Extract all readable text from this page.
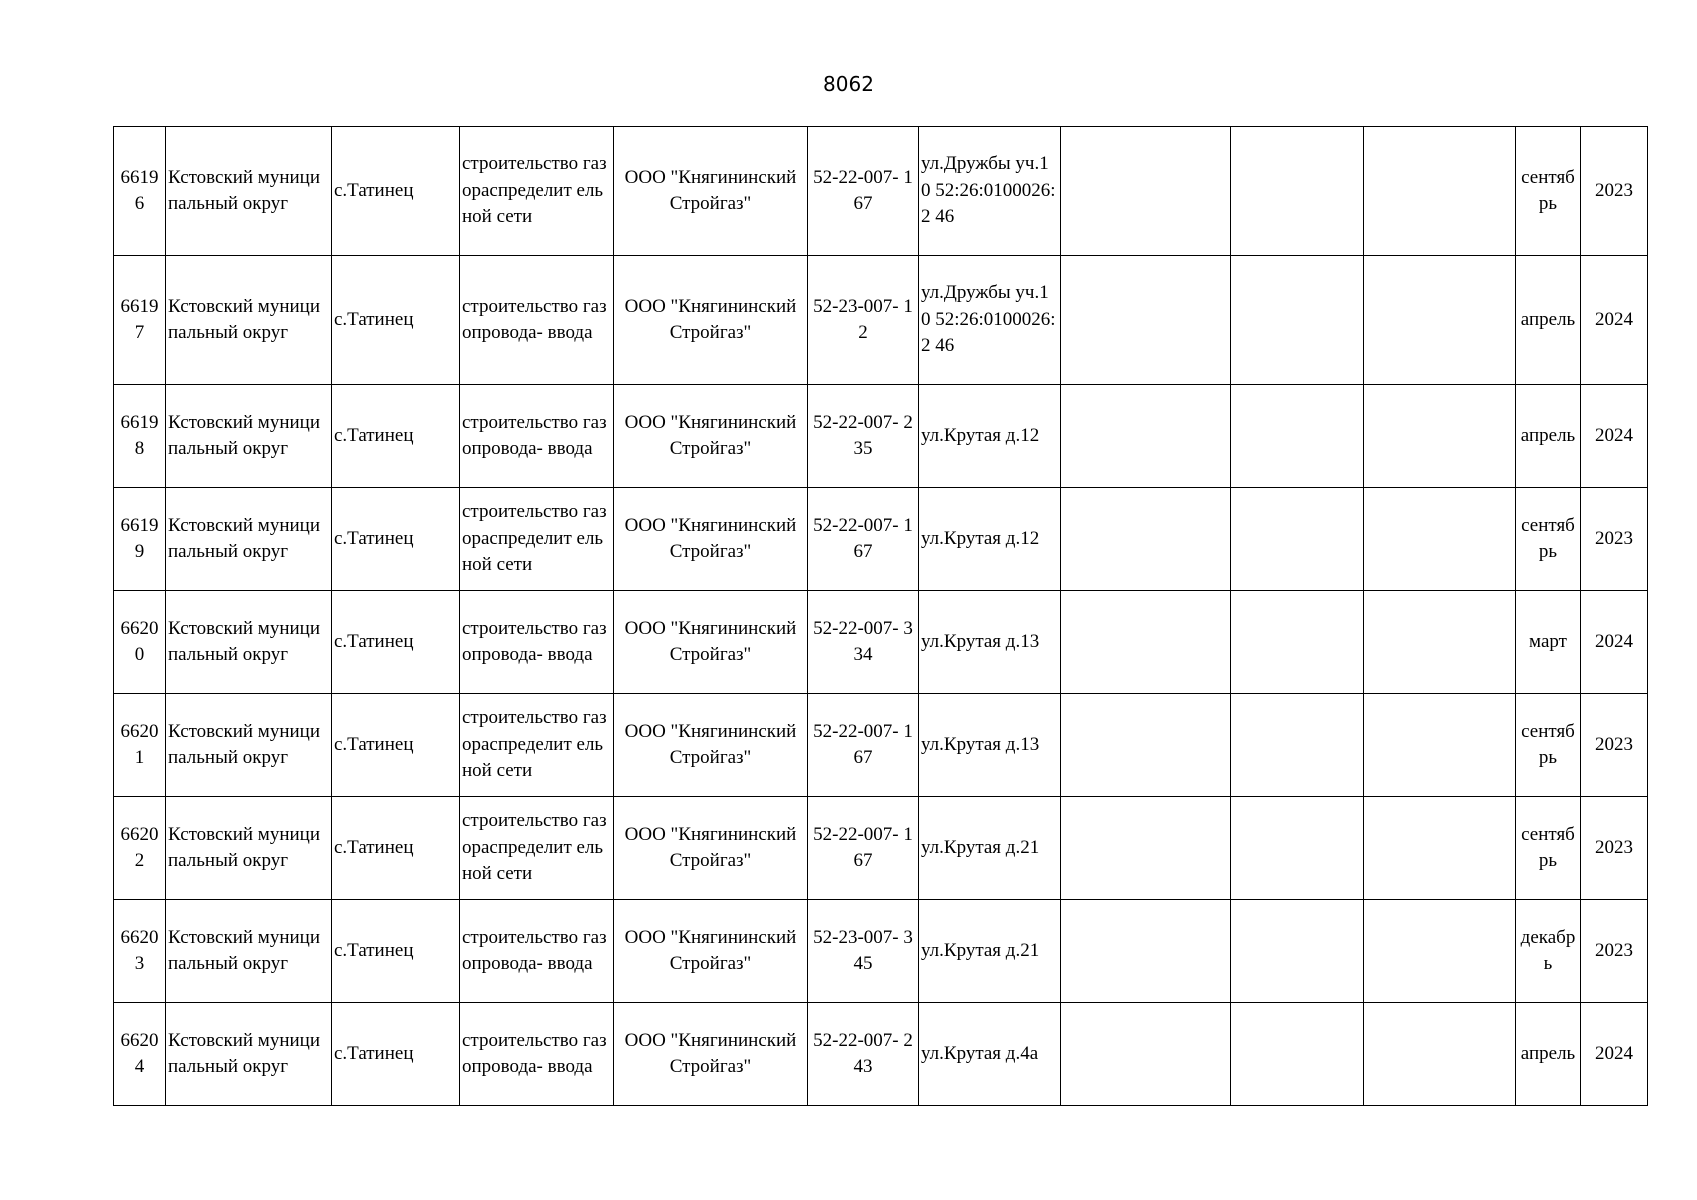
8062
6619 6	Кстовский муниципальный округ	с.Татинец	строительство газораспределит ельной сети	ООО "Княгининский Стройгаз"	52-22-007- 167	ул.Дружбы уч.10 52:26:0100026:2 46				сентяб рь	2023
6619 7	Кстовский муниципальный округ	с.Татинец	строительство газопровода- ввода	ООО "Княгининский Стройгаз"	52-23-007- 12	ул.Дружбы уч.10 52:26:0100026:2 46				апрель	2024
6619 8	Кстовский муниципальный округ	с.Татинец	строительство газопровода- ввода	ООО "Княгининский Стройгаз"	52-22-007- 235	ул.Крутая д.12				апрель	2024
6619 9	Кстовский муниципальный округ	с.Татинец	строительство газораспределит ельной сети	ООО "Княгининский Стройгаз"	52-22-007- 167	ул.Крутая д.12				сентяб рь	2023
6620 0	Кстовский муниципальный округ	с.Татинец	строительство газопровода- ввода	ООО "Княгининский Стройгаз"	52-22-007- 334	ул.Крутая д.13				март	2024
6620 1	Кстовский муниципальный округ	с.Татинец	строительство газораспределит ельной сети	ООО "Княгининский Стройгаз"	52-22-007- 167	ул.Крутая д.13				сентяб рь	2023
6620 2	Кстовский муниципальный округ	с.Татинец	строительство газораспределит ельной сети	ООО "Княгининский Стройгаз"	52-22-007- 167	ул.Крутая д.21				сентяб рь	2023
6620 3	Кстовский муниципальный округ	с.Татинец	строительство газопровода- ввода	ООО "Княгининский Стройгаз"	52-23-007- 345	ул.Крутая д.21				декабр ь	2023
6620 4	Кстовский муниципальный округ	с.Татинец	строительство газопровода- ввода	ООО "Княгининский Стройгаз"	52-22-007- 243	ул.Крутая д.4а				апрель	2024
